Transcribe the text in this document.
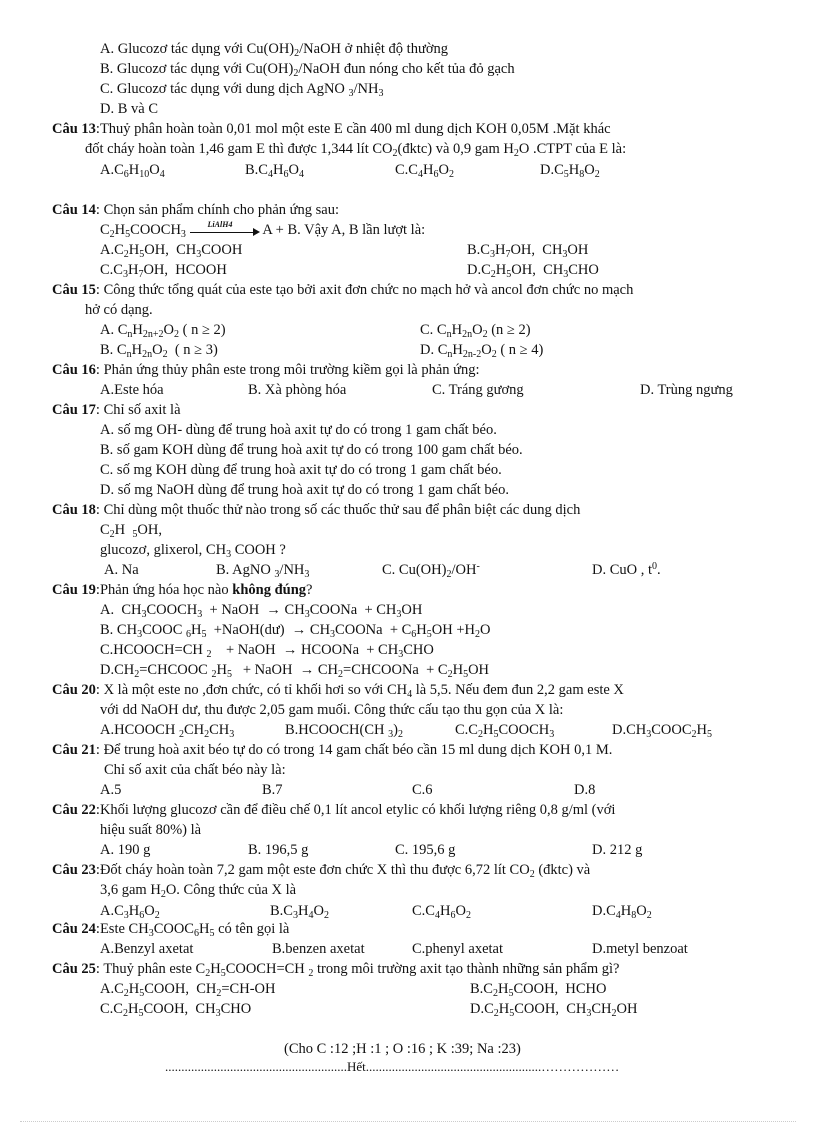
A. Glucozơ tác dụng với $Cu(OH)_2$/NaOH ở nhiệt độ thường
B. Glucozơ tác dụng với $Cu(OH)_2$/NaOH đun nóng cho kết tủa đỏ gạch
C. Glucozơ tác dụng với dung dịch AgNO $_3/NH_3$
D. B và C
Câu 13:Thuỷ phân hoàn toàn 0,01 mol một este E cần 400 ml dung dịch KOH 0,05M .Mặt khác
đốt cháy hoàn toàn 1,46 gam E thì được 1,344 lít $CO_2(đktc)$ và 0,9 gam $H_2O$ .CTPT của E là:
$A.C_6H_{10}O_4$	$B.C_4H_6O_4$	$C.C_4H_6O_2$	$D.C_5H_8O_2$
Câu 14: Chọn sản phẩm chính cho phản ứng sau:
$C_2H_5COOCH_3$
LiAlH4 A + B. Vậy A, B lần lượt là:
$A.C_2H_5OH$,  $CH_3COOH$	$B.C_3H_7OH$,  $CH_3OH$
$C.C_3H_7OH$,  HCOOH	$D.C_2H_5OH$,  $CH_3CHO$
Câu 15: Công thức tổng quát của este tạo bởi axit đơn chức no mạch hở và ancol đơn chức no mạch
hở có dạng.
A. $C_nH_{2n+2}O_2$ ( n ≥ 2)	C. $C_nH_{2n}O_2$ (n ≥ 2)
B. $C_nH_{2n}O_2$  ( n ≥ 3)	D. $C_nH_{2n-2}O_2$ ( n ≥ 4)
Câu 16: Phản ứng thủy phân este trong môi trường kiềm gọi là phản ứng:
A.Este hóa	B. Xà phòng hóa	C. Tráng gương	D. Trùng ngưng
Câu 17: Chỉ số axit là
A. số mg OH- dùng để trung hoà axit tự do có trong 1 gam chất béo.
B. số gam KOH dùng để trung hoà axit tự do có trong 100 gam chất béo.
C. số mg KOH dùng để trung hoà axit tự do có trong 1 gam chất béo.
D. số mg NaOH dùng để trung hoà axit tự do có trong 1 gam chất béo.
Câu 18: Chỉ dùng một thuốc thử nào trong số các thuốc thử sau để phân biệt các dung dịch
$C_2H$  $_5$OH,
glucozơ, glixerol, $CH_3$ COOH ?
A. Na	B. AgNO $_3/NH_3$	C. $Cu(OH)_2/OH^-$	D. CuO , $t^0$.
Câu 19:Phản ứng hóa học nào không đúng?
A.  $CH_3COOCH_3$  + NaOH  → $CH_3COONa + CH_3OH$
B. $CH_3COOC$ $_6H_5$  +NaOH(dư)  → $CH_3COONa + C_6H_5OH +H_2O$
C.HCOOCH=CH $_2$    + NaOH  → HCOONa  + $CH_3CHO$
$D.CH_2=CHCOOC$ $_2H_5$   + NaOH  → $CH_2=CHCOONa + C_2H_5OH$
Câu 20: X là một este no ,đơn chức, có tỉ khối hơi so với $CH_4$ là 5,5. Nếu đem đun 2,2 gam este X
với dd NaOH dư, thu được 2,05 gam muối. Công thức cấu tạo thu gọn của X là:
A.HCOOCH $_2CH_2CH_3$	B.HCOOCH(CH $_3)_2$	$C.C_2H_5COOCH_3$	$D.CH_3COOC_2H_5$
Câu 21: Để trung hoà axit béo tự do có trong 14 gam chất béo cần 15 ml dung dịch KOH 0,1 M.
Chỉ số axit của chất béo này là:
A.5	B.7	C.6	D.8
Câu 22:Khối lượng glucozơ cần để điều chế 0,1 lít ancol etylic có khối lượng riêng 0,8 g/ml (với
hiệu suất 80%) là
A. 190 g	B. 196,5 g	C. 195,6 g	D. 212 g
Câu 23:Đốt cháy hoàn toàn 7,2 gam một este đơn chức X thì thu được 6,72 lít $CO_2$ (đktc) và
3,6 gam $H_2O$. Công thức của X là
$A.C_3H_6O_2$	$B.C_3H_4O_2$	$C.C_4H_6O_2$	$D.C_4H_8O_2$
Câu 24:Este $CH_3COOC_6H_5$ có tên gọi là
A.Benzyl axetat	B.benzen axetat	C.phenyl axetat	D.metyl benzoat
Câu 25: Thuỷ phân este $C_2H_5COOCH=CH$ $_2$ trong môi trường axit tạo thành những sản phẩm gì?
$A.C_2H_5COOH$,  $CH_2=CH-OH$	$B.C_2H_5COOH$,  HCHO
$C.C_2H_5COOH$,  $CH_3CHO$	$D.C_2H_5COOH$,  $CH_3CH_2OH$
(Cho C :12 ;H :1 ; O :16 ; K :39; Na :23)
........................................................Hết......................................................………………
